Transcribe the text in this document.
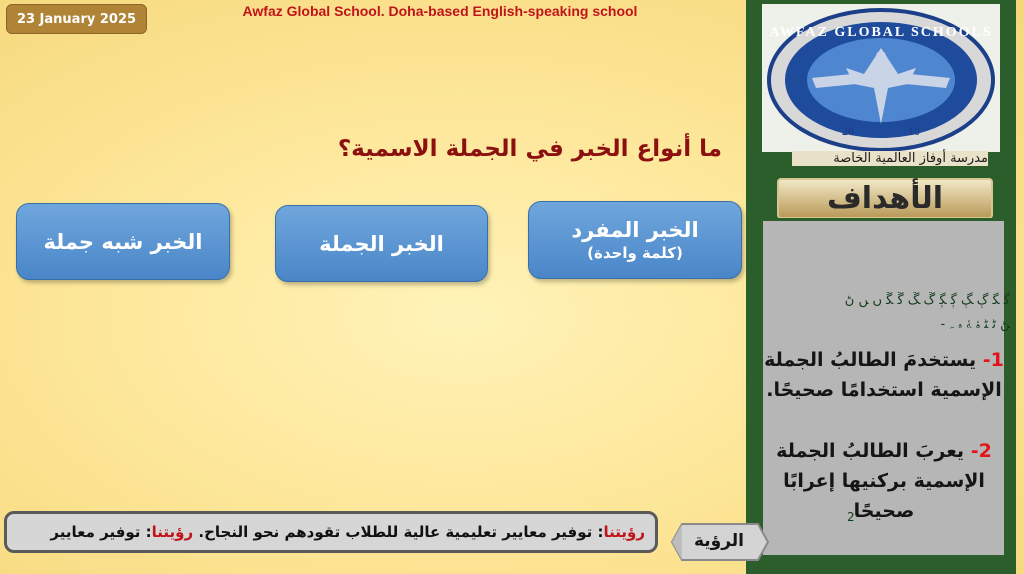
23 January 2025	Awfaz Global School. Doha-based English-speaking school
ما أنواع الخبر في الجملة الاسمية؟
الخبر المفرد
(كلمة واحدة)
الخبر الجملة
الخبر شبه جملة
AWFAZ GLOBAL SCHOOLS
20	10
مدرسة أوفاز العالمية الخاصة
الأهداف
ﮔ ﮕ ﮖ ﮗ ﮘ ﮙ ﮚ ﮛ ﮜ ﮝ ﮞ ﮟ ﮠ
ﮡ ﮢ ﮣ ﮤ ﮥ ﮦ ﮧ -
1- يستخدمَ الطالبُ الجملة الإسمية استخدامًا صحيحًا.
2- يعربَ الطالبُ الجملة الإسمية بركنيها إعرابًا صحيحًا
2
رؤيتنا: توفير معايير تعليمية عالية للطلاب تقودهم نحو النجاح. رؤيتنا: توفير معايير	الرؤية
